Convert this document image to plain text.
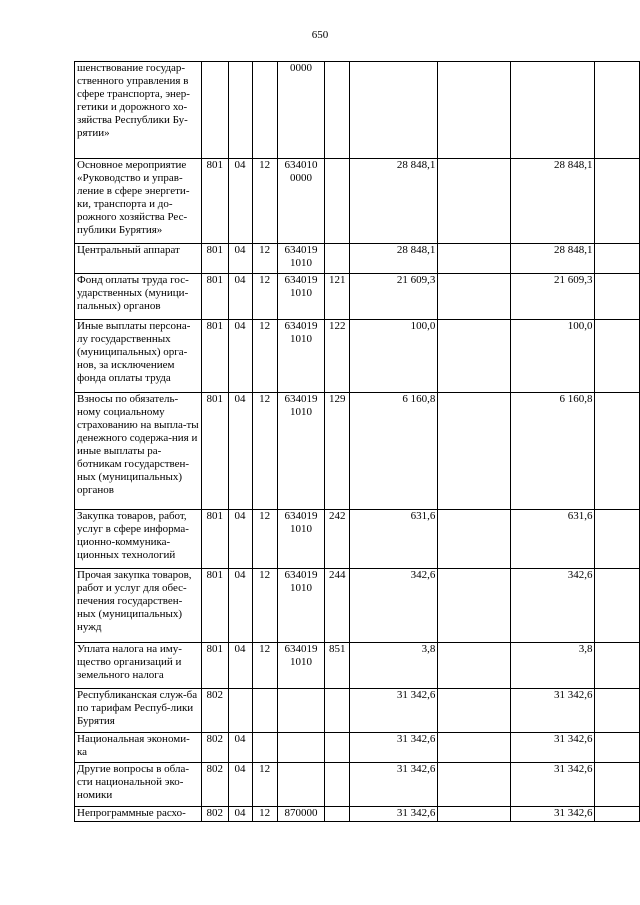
650
шенствование государ-ственного управления в сфере транспорта, энер-гетики и дорожного хо-зяйства Республики Бу-рятии»				0000					
Основное мероприятие «Руководство и управ-ление в сфере энергети-ки, транспорта и до-рожного хозяйства Рес-публики Бурятия»	801	04	12	634010 0000		28 848,1		28 848,1	
Центральный аппарат	801	04	12	634019 1010		28 848,1		28 848,1	
Фонд оплаты труда гос-ударственных (муници-пальных) органов	801	04	12	634019 1010	121	21 609,3		21 609,3	
Иные выплаты персона-лу государственных (муниципальных) орга-нов, за исключением фонда оплаты труда	801	04	12	634019 1010	122	100,0		100,0	
Взносы по обязатель-ному социальному страхованию на выпла-ты денежного содержа-ния и иные выплаты ра-ботникам государствен-ных (муниципальных) органов	801	04	12	634019 1010	129	6 160,8		6 160,8	
Закупка товаров, работ, услуг в сфере информа-ционно-коммуника-ционных технологий	801	04	12	634019 1010	242	631,6		631,6	
Прочая закупка товаров, работ и услуг для обес-печения государствен-ных (муниципальных) нужд	801	04	12	634019 1010	244	342,6		342,6	
Уплата налога на иму-щество организаций и земельного налога	801	04	12	634019 1010	851	3,8		3,8	
Республиканская служ-ба по тарифам Респуб-лики Бурятия	802					31 342,6		31 342,6	
Национальная экономи-ка	802	04				31 342,6		31 342,6	
Другие вопросы в обла-сти национальной эко-номики	802	04	12			31 342,6		31 342,6	
Непрограммные расхо-	802	04	12	870000		31 342,6		31 342,6	
